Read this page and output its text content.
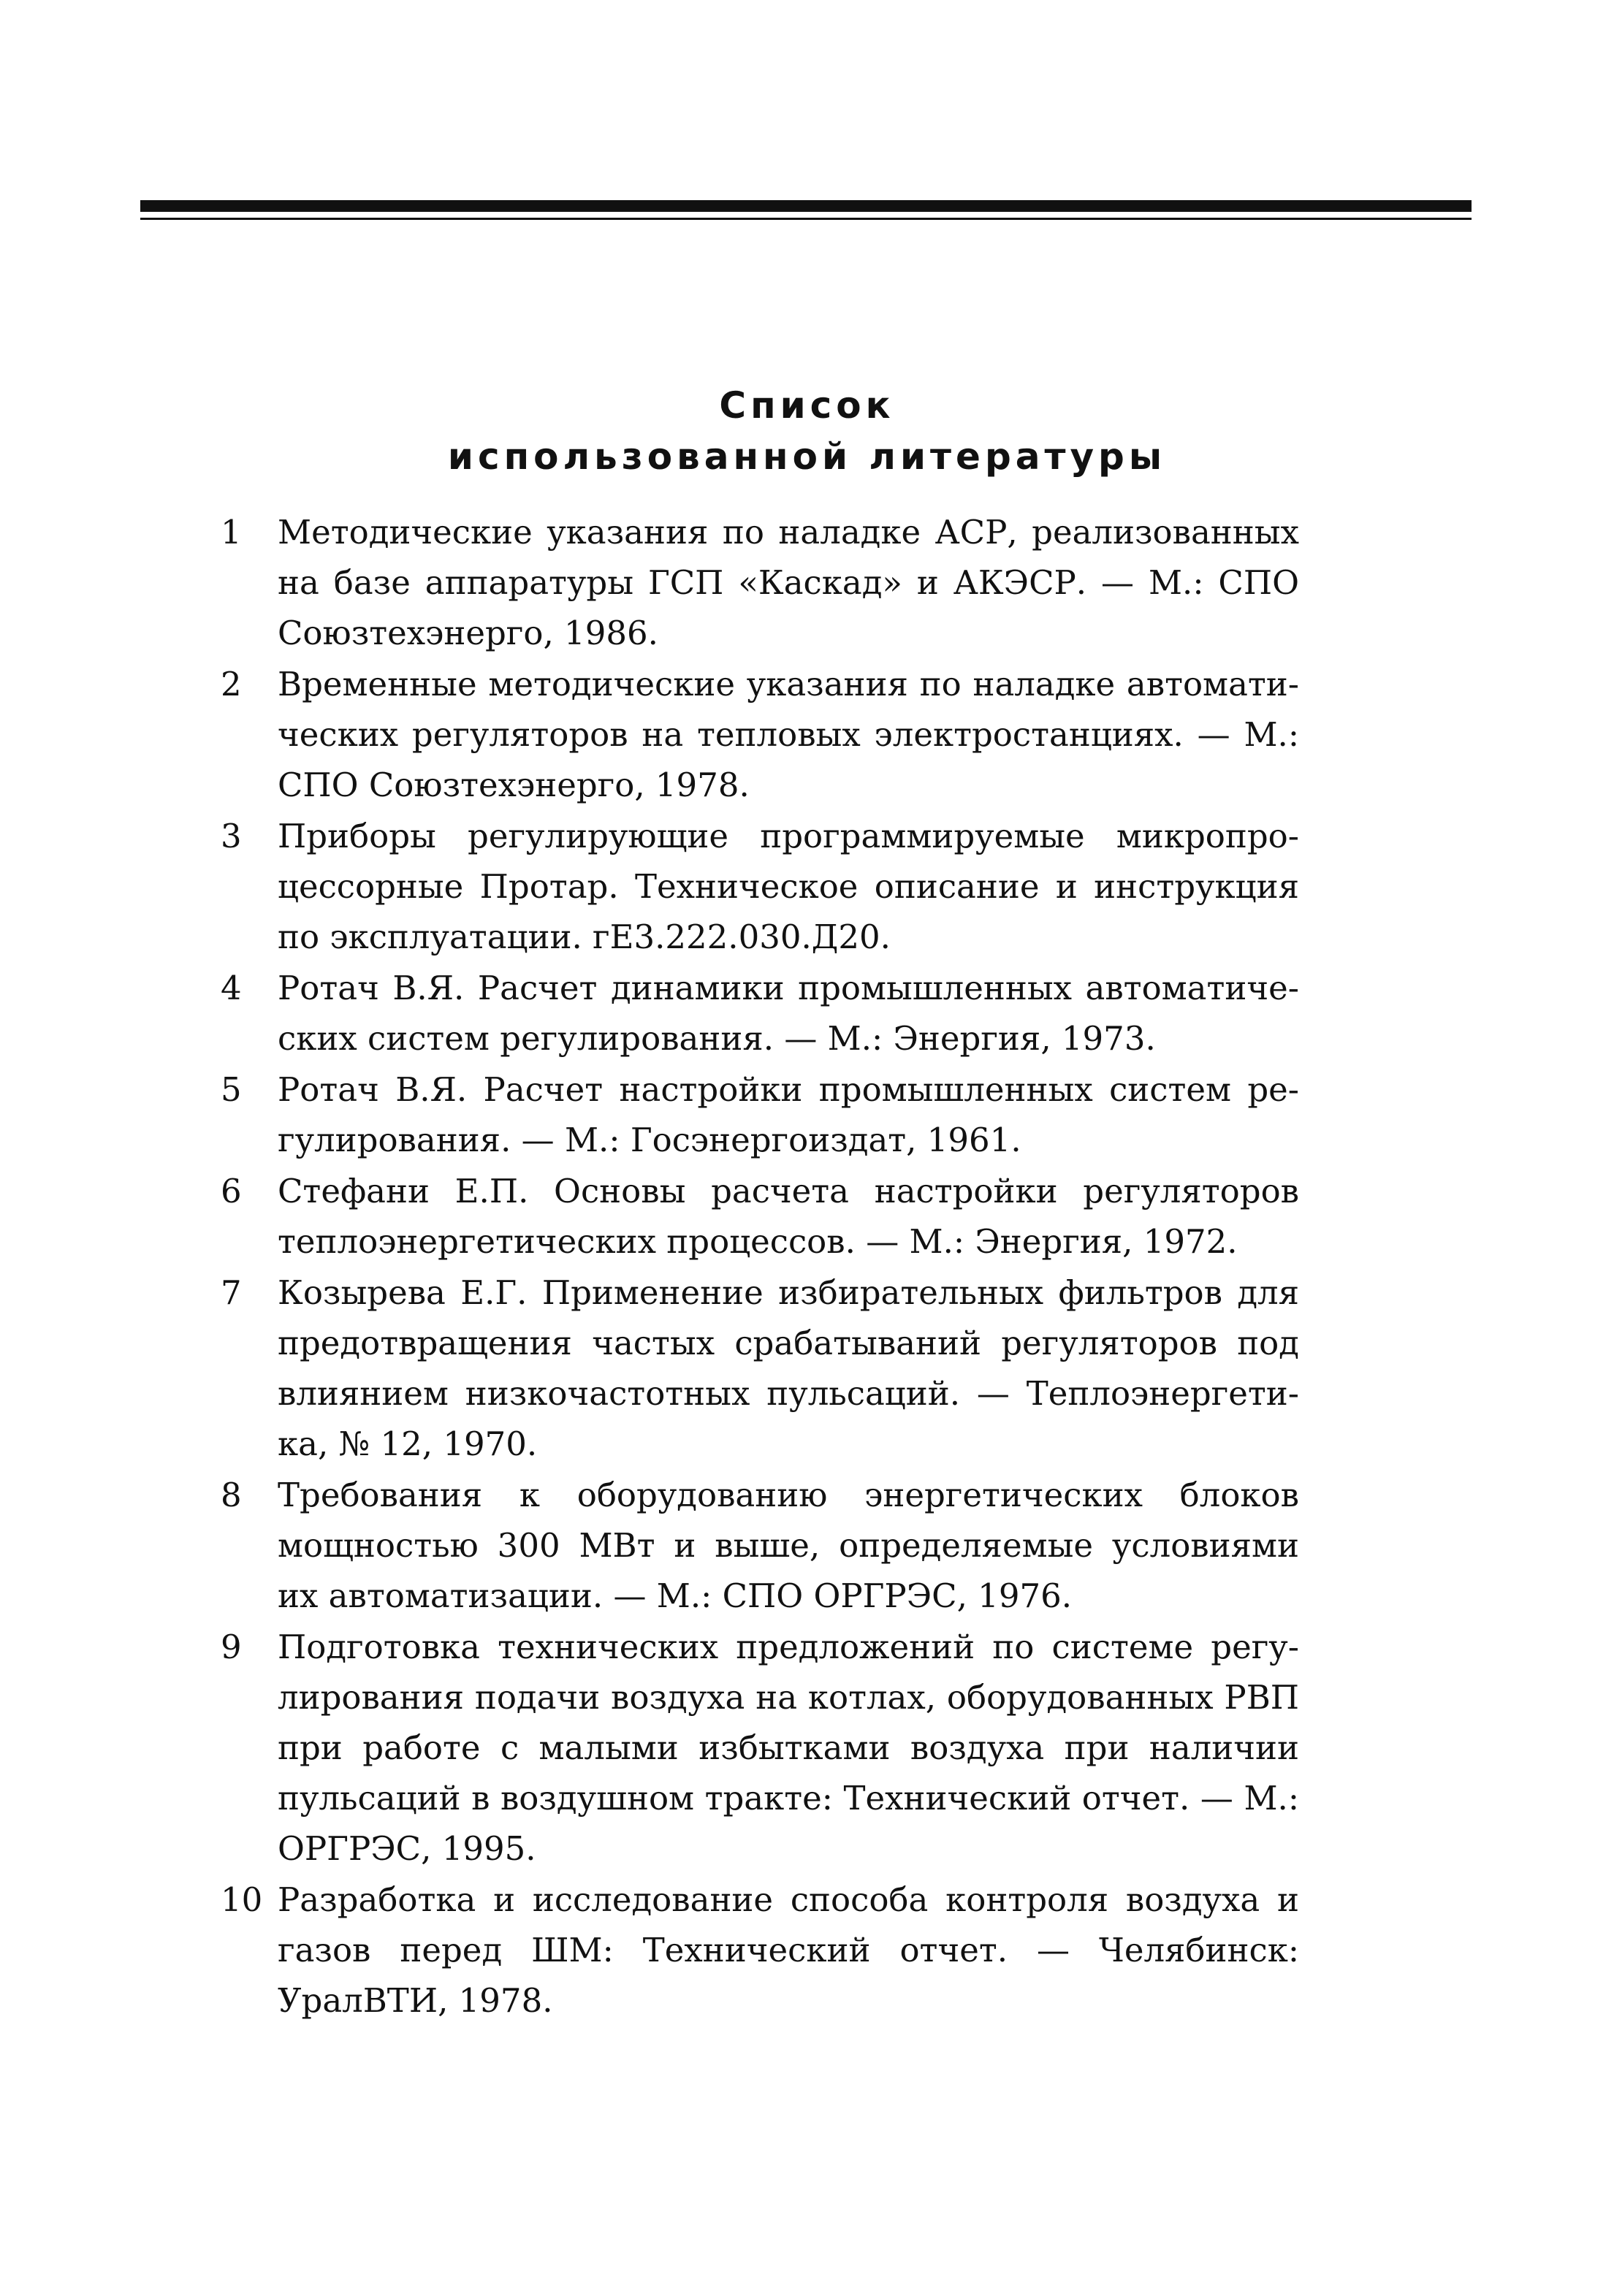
Список
использованной литературы
1	Методические указания по наладке АСР, реализованных на базе аппаратуры ГСП «Каскад» и АКЭСР. — М.: СПО Союзтехэнерго, 1986.
2	Временные методические указания по наладке автоматических регуляторов на тепловых электростанциях. — М.: СПО Союзтехэнерго, 1978.
3	Приборы регулирующие программируемые микропроцессорные Протар. Техническое описание и инструкция по эксплуатации. гЕ3.222.030.Д20.
4	Ротач В.Я. Расчет динамики промышленных автоматических систем регулирования. — М.: Энергия, 1973.
5	Ротач В.Я. Расчет настройки промышленных систем регулирования. — М.: Госэнергоиздат, 1961.
6	Стефани Е.П. Основы расчета настройки регуляторов теплоэнергетических процессов. — М.: Энергия, 1972.
7	Козырева Е.Г. Применение избирательных фильтров для предотвращения частых срабатываний регуляторов под влиянием низкочастотных пульсаций. — Теплоэнергетика, № 12, 1970.
8	Требования к оборудованию энергетических блоков мощностью 300 МВт и выше, определяемые условиями их автоматизации. — М.: СПО ОРГРЭС, 1976.
9	Подготовка технических предложений по системе регулирования подачи воздуха на котлах, оборудованных РВП при работе с малыми избытками воздуха при наличии пульсаций в воздушном тракте: Технический отчет. — М.: ОРГРЭС, 1995.
10 Разработка и исследование способа контроля воздуха и газов перед ШМ: Технический отчет. — Челябинск: УралВТИ, 1978.
